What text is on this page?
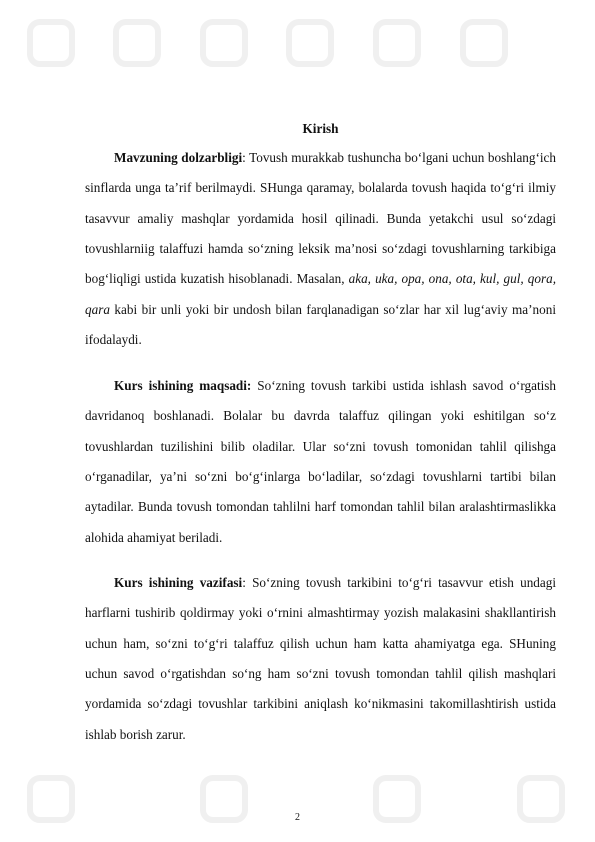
Kirish

Mavzuning dolzarbligi: Tovush murakkab tushuncha bo‘lgani uchun boshlang‘ich sinflarda unga ta’rif berilmaydi. SHunga qaramay, bolalarda tovush haqida to‘g‘ri ilmiy tasavvur amaliy mashqlar yordamida hosil qilinadi. Bunda yetakchi usul so‘zdagi tovushlarniig talaffuzi hamda so‘zning leksik ma’nosi so‘zdagi tovushlarning tarkibiga bog‘liqligi ustida kuzatish hisoblanadi. Masalan, aka, uka, opa, ona, ota, kul, gul, qora, qara kabi bir unli yoki bir undosh bilan farqlanadigan so‘zlar har xil lug‘aviy ma’noni ifodalaydi.

Kurs ishining maqsadi: So‘zning tovush tarkibi ustida ishlash savod o‘rgatish davridanoq boshlanadi. Bolalar bu davrda talaffuz qilingan yoki eshitilgan so‘z tovushlardan tuzilishini bilib oladilar. Ular so‘zni tovush tomonidan tahlil qilishga o‘rganadilar, ya’ni so‘zni bo‘g‘inlarga bo‘ladilar, so‘zdagi tovushlarni tartibi bilan aytadilar. Bunda tovush tomondan tahlilni harf tomondan tahlil bilan aralashtirmaslikka alohida ahamiyat beriladi.

Kurs ishining vazifasi: So‘zning tovush tarkibini to‘g‘ri tasavvur etish undagi harflarni tushirib qoldirmay yoki o‘rnini almashtirmay yozish malakasini shakllantirish uchun ham, so‘zni to‘g‘ri talaffuz qilish uchun ham katta ahamiyatga ega. SHuning uchun savod o‘rgatishdan so‘ng ham so‘zni tovush tomondan tahlil qilish mashqlari yordamida so‘zdagi tovushlar tarkibini aniqlash ko‘nikmasini takomillashtirish ustida ishlab borish zarur.

2
